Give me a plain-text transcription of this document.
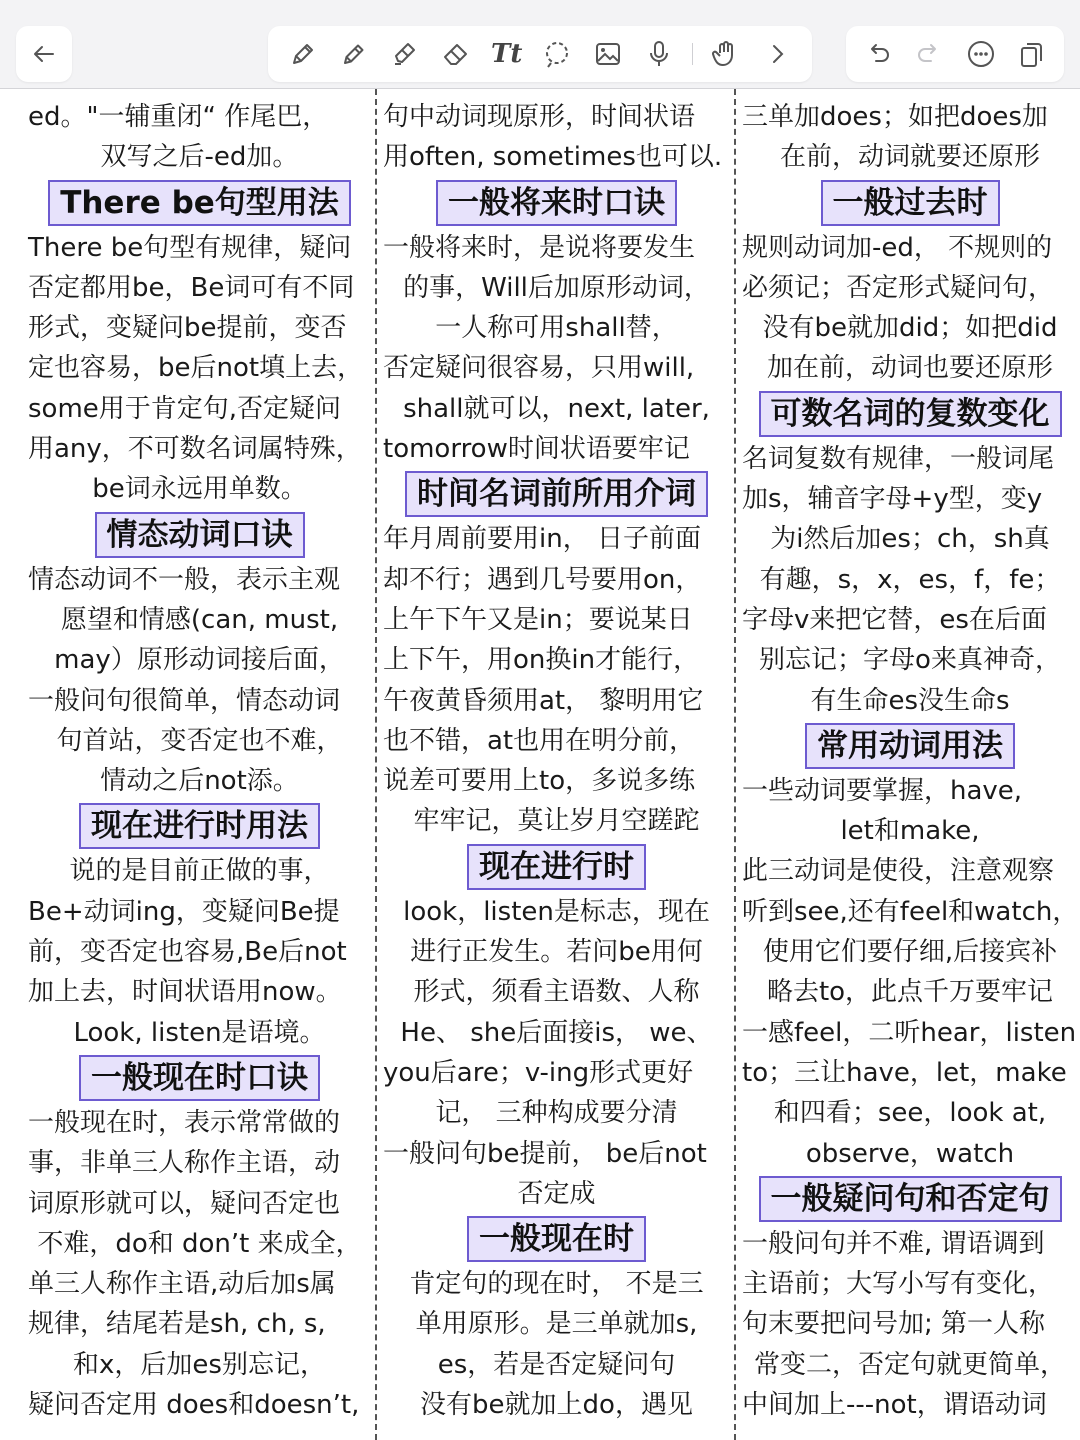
Tt
ed。"一辅重闭“ 作尾巴，
双写之后-ed加。
There be句型用法
There be句型有规律，疑问
否定都用be，Be词可有不同
形式，变疑问be提前，变否
定也容易，be后not填上去，
some用于肯定句,否定疑问
用any，不可数名词属特殊，
be词永远用单数。
情态动词口诀
情态动词不一般，表示主观
愿望和情感(can, must,
may）原形动词接后面，
一般问句很简单，情态动词
句首站，变否定也不难，
情动之后not添。
现在进行时用法
说的是目前正做的事，
Be+动词ing，变疑问Be提
前，变否定也容易,Be后not
加上去，时间状语用now。
Look, listen是语境。
一般现在时口诀
一般现在时，表示常常做的
事，非单三人称作主语，动
词原形就可以，疑问否定也
不难，do和 don’t 来成全，
单三人称作主语,动后加s属
规律，结尾若是sh, ch, s,
和x，后加es别忘记，
疑问否定用 does和doesn’t,
句中动词现原形，时间状语
用often, sometimes也可以.
一般将来时口诀
一般将来时，是说将要发生
的事，Will后加原形动词，
一人称可用shall替，
否定疑问很容易，只用will,
shall就可以，next, later,
tomorrow时间状语要牢记
时间名词前所用介词
年月周前要用in， 日子前面
却不行；遇到几号要用on，
上午下午又是in；要说某日
上下午，用on换in才能行，
午夜黄昏须用at， 黎明用它
也不错，at也用在明分前，
说差可要用上to，多说多练
牢牢记，莫让岁月空蹉跎
现在进行时
look，listen是标志，现在
进行正发生。若问be用何
形式，须看主语数、人称
He、 she后面接is， we、
you后are；v-ing形式更好
记， 三种构成要分清
一般问句be提前， be后not
否定成
一般现在时
肯定句的现在时， 不是三
单用原形。是三单就加s,
es，若是否定疑问句
没有be就加上do，遇见
三单加does；如把does加
在前，动词就要还原形
一般过去时
规则动词加-ed， 不规则的
必须记；否定形式疑问句，
没有be就加did；如把did
加在前，动词也要还原形
可数名词的复数变化
名词复数有规律，一般词尾
加s，辅音字母+y型，变y
为i然后加es；ch，sh真
有趣，s，x，es，f，fe；
字母v来把它替，es在后面
别忘记；字母o来真神奇，
有生命es没生命s
常用动词用法
一些动词要掌握，have,
let和make,
此三动词是使役，注意观察
听到see,还有feel和watch，
使用它们要仔细,后接宾补
略去to，此点千万要牢记
一感feel，二听hear，listen
to；三让have，let，make
和四看；see，look at,
observe，watch
一般疑问句和否定句
一般问句并不难, 谓语调到
主语前；大写小写有变化，
句末要把问号加; 第一人称
常变二，否定句就更简单，
中间加上---not，谓语动词
